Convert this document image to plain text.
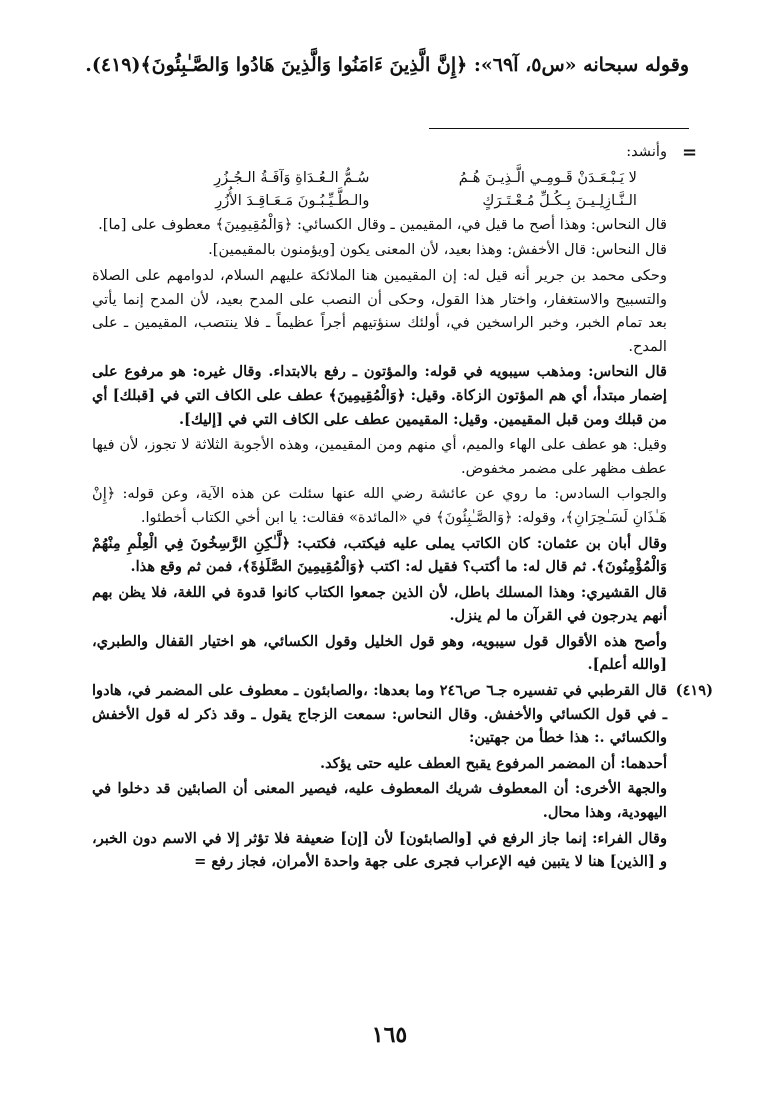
وقوله سبحانه «س٥، آ٦٩»: ﴿إِنَّ الَّذِينَ ءَامَنُوا وَالَّذِينَ هَادُوا وَالصَّـٰبِئُونَ﴾(٤١٩).
=

وأنشد:

لا يَـبْـعَـدَنْ قَـومِـي الَّـذِيـنَ هُـمُ	سُـمُّ الـعُـدَاةِ وَآفَـةُ الـجُـزُرِ
الـنَّـازِلِـيـنَ بِـكُـلِّ مُـعْـتَـرَكٍ	والـطَّـيِّـبُـونَ مَـعَـاقِـدَ الأُزُرِ

قال النحاس: وهذا أصح ما قيل في، المقيمين ـ وقال الكسائي: ﴿وَالْمُقِيمِينَ﴾ معطوف على [ما].

قال النحاس: قال الأخفش: وهذا بعيد، لأن المعنى يكون [ويؤمنون بالمقيمين].

وحكى محمد بن جرير أنه قيل له: إن المقيمين هنا الملائكة عليهم السلام، لدوامهم على الصلاة والتسبيح والاستغفار، واختار هذا القول، وحكى أن النصب على المدح بعيد، لأن المدح إنما يأتي بعد تمام الخبر، وخبر الراسخين في، أولئك سنؤتيهم أجراً عظيماً ـ فلا ينتصب، المقيمين ـ على المدح.

قال النحاس: ومذهب سيبويه في قوله: والمؤتون ـ رفع بالابتداء. وقال غيره: هو مرفوع على إضمار مبتدأ، أي هم المؤتون الزكاة. وقيل: ﴿وَالْمُقِيمِينَ﴾ عطف على الكاف التي في [قبلك] أي من قبلك ومن قبل المقيمين. وقيل: المقيمين عطف على الكاف التي في [إليك].

وقيل: هو عطف على الهاء والميم، أي منهم ومن المقيمين، وهذه الأجوبة الثلاثة لا تجوز، لأن فيها عطف مظهر على مضمر مخفوض.

والجواب السادس: ما روي عن عائشة رضي الله عنها سئلت عن هذه الآية، وعن قوله: ﴿إِنْ هَـٰذَانِ لَسَـٰحِرَانِ﴾، وقوله: ﴿وَالصَّـٰبِئُونَ﴾ في «المائدة» فقالت: يا ابن أخي الكتاب أخطئوا.

وقال أبان بن عثمان: كان الكاتب يملى عليه فيكتب، فكتب: ﴿لَّـٰكِنِ الرَّٰسِخُونَ فِي الْعِلْمِ مِنْهُمْ وَالْمُؤْمِنُونَ﴾. ثم قال له: ما أكتب؟ فقيل له: اكتب ﴿وَالْمُقِيمِينَ الصَّلَوٰةَ﴾، فمن ثم وقع هذا.

قال القشيري: وهذا المسلك باطل، لأن الذين جمعوا الكتاب كانوا قدوة في اللغة، فلا يظن بهم أنهم يدرجون في القرآن ما لم ينزل.

وأصح هذه الأقوال قول سيبويه، وهو قول الخليل وقول الكسائي، هو اختيار القفال والطبري، [والله أعلم].

(٤١٩)
قال القرطبي في تفسيره جـ٦ ص٢٤٦ وما بعدها: ،والصابئون ـ معطوف على المضمر في، هادوا ـ في قول الكسائي والأخفش. وقال النحاس: سمعت الزجاج يقول ـ وقد ذكر له قول الأخفش والكسائي .: هذا خطأ من جهتين:

أحدهما: أن المضمر المرفوع يقبح العطف عليه حتى يؤكد.

والجهة الأخرى: أن المعطوف شريك المعطوف عليه، فيصير المعنى أن الصابئين قد دخلوا في اليهودية، وهذا محال.

وقال الفراء: إنما جاز الرفع في [والصابئون] لأن [إن] ضعيفة فلا تؤثر إلا في الاسم دون الخبر، و [الذين] هنا لا يتبين فيه الإعراب فجرى على جهة واحدة الأمران، فجاز رفع =

١٦٥
